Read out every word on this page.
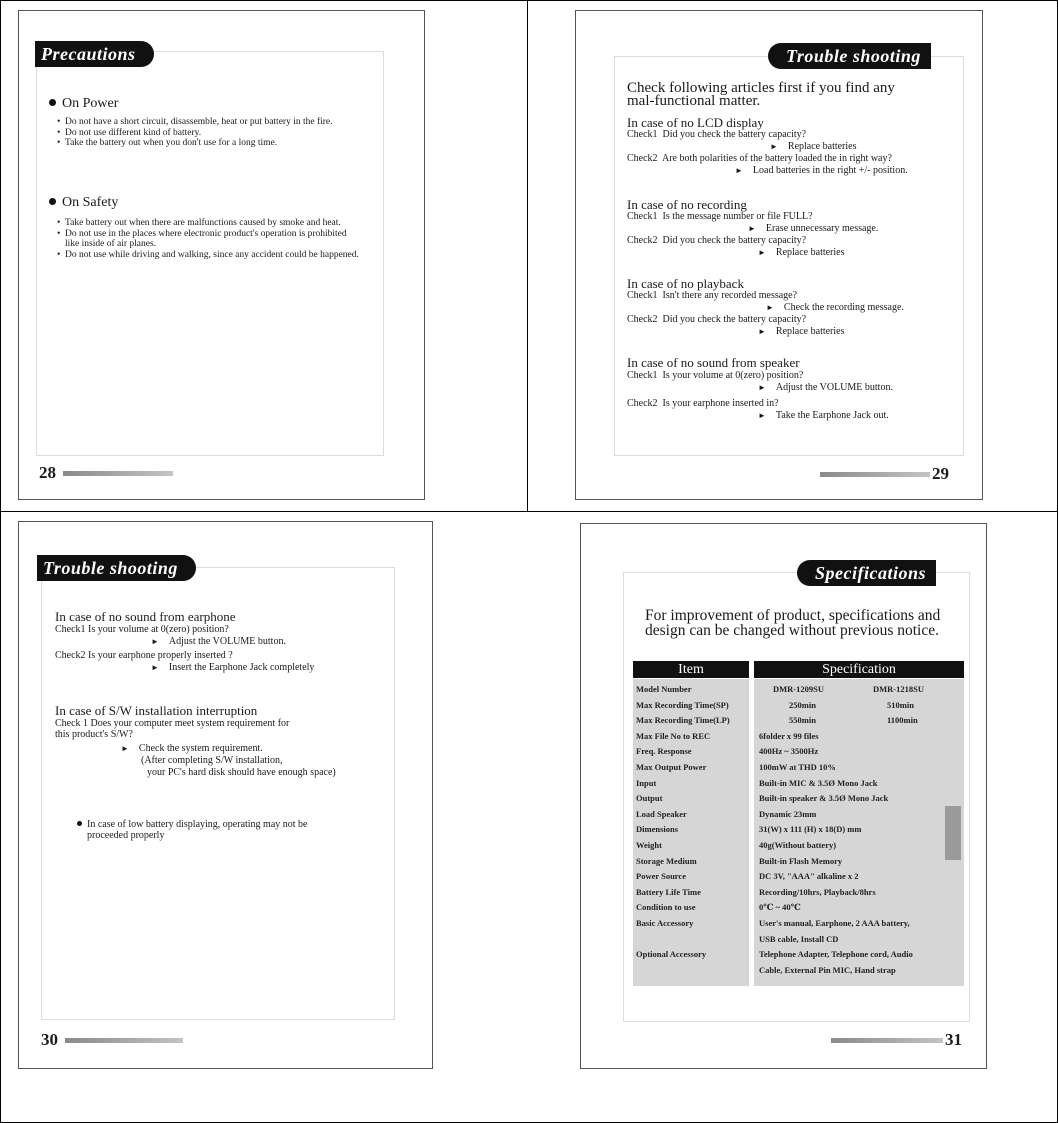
Precautions
On Power
• Do not have a short circuit, disassemble, heat or put battery in the fire.
• Do not use different kind of battery.
• Take the battery out when you don't use for a long time.
On Safety
• Take battery out when there are malfunctions caused by smoke and heat.
• Do not use in the places where electronic product's operation is prohibited like inside of air planes.
• Do not use while driving and walking, since any accident could be happened.
28
Trouble shooting
Check following articles first if you find any mal-functional matter.
In case of no LCD display
Check1 Did you check the battery capacity?
► Replace batteries
Check2 Are both polarities of the battery loaded the in right way?
► Load batteries in the right +/- position.
In case of no recording
Check1 Is the message number or file FULL?
► Erase unnecessary message.
Check2 Did you check the battery capacity?
► Replace batteries
In case of no playback
Check1 Isn't there any recorded message?
► Check the recording message.
Check2 Did you check the battery capacity?
► Replace batteries
In case of no sound from speaker
Check1 Is your volume at 0(zero) position?
► Adjust the VOLUME button.
Check2 Is your earphone inserted in?
► Take the Earphone Jack out.
29
Trouble shooting
In case of no sound from earphone
Check1 Is your volume at 0(zero) position?
► Adjust the VOLUME button.
Check2 Is your earphone properly inserted ?
► Insert the Earphone Jack completely
In case of S/W installation interruption
Check 1 Does your computer meet system requirement for
this product's S/W?
► Check the system requirement.
(After completing S/W installation,
your PC's hard disk should have enough space)
In case of low battery displaying, operating may not be
proceeded properly
30
Specifications
For improvement of product, specifications and design can be changed without previous notice.
Item	Specification
Model Number	DMR-1209SU	DMR-1218SU
Max Recording Time(SP)	250min	510min
Max Recording Time(LP)	550min	1100min
Max File No to REC	6folder x 99 files
Freq. Response	400Hz ~ 3500Hz
Max Output Power	100mW at THD 10%
Input	Built-in MIC & 3.5Ø Mono Jack
Output	Built-in speaker & 3.5Ø Mono Jack
Load Speaker	Dynamic 23mm
Dimensions	31(W) x 111 (H) x 18(D) mm
Weight	40g(Without battery)
Storage Medium	Built-in Flash Memory
Power Source	DC 3V, "AAA" alkaline x 2
Battery Life Time	Recording/10hrs, Playback/8hrs
Condition to use	0℃ ~ 40℃
Basic Accessory	User's manual, Earphone, 2 AAA battery,
USB cable, Install CD
Optional Accessory	Telephone Adapter, Telephone cord, Audio
Cable, External Pin MIC, Hand strap
31
